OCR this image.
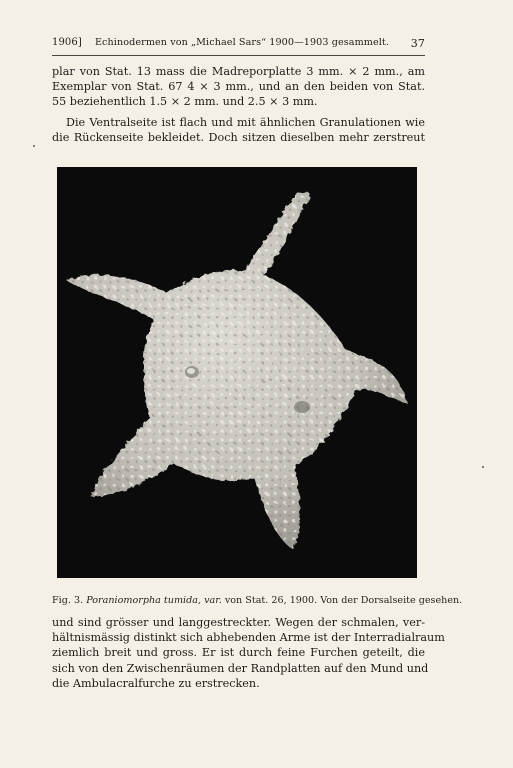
1906]	Echinodermen von „Michael Sars“ 1900—1903 gesammelt. 37
plar von Stat. 13 mass die Madreporplatte 3 mm. × 2 mm., am
Exemplar von Stat. 67 4 × 3 mm., und an den beiden von Stat.
55 beziehentlich 1.5 × 2 mm. und 2.5 × 3 mm.
Die Ventralseite ist flach und mit ähnlichen Granulationen wie
die Rückenseite bekleidet. Doch sitzen dieselben mehr zerstreut
Fig. 3. Poraniomorpha tumida, var. von Stat. 26, 1900. Von der Dorsalseite gesehen.
und sind grösser und langgestreckter. Wegen der schmalen, ver-
hältnismässig distinkt sich abhebenden Arme ist der Interradialraum
ziemlich breit und gross. Er ist durch feine Furchen geteilt, die
sich von den Zwischenräumen der Randplatten auf den Mund und
die Ambulacralfurche zu erstrecken.
